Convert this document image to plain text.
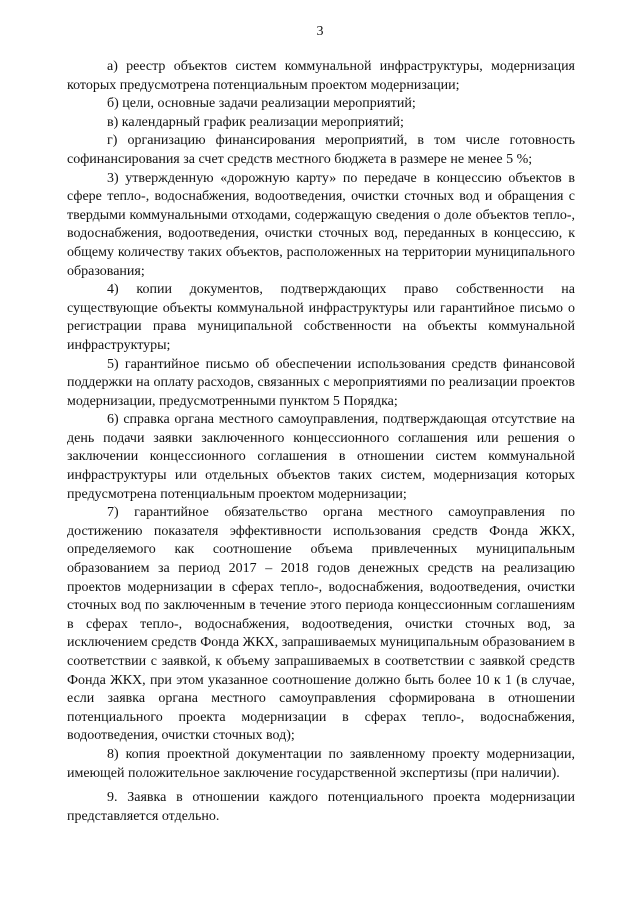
3

а) реестр объектов систем коммунальной инфраструктуры, модернизация которых предусмотрена потенциальным проектом модернизации;

б) цели, основные задачи реализации мероприятий;

в) календарный график реализации мероприятий;

г) организацию финансирования мероприятий, в том числе готовность софинансирования за счет средств местного бюджета в размере не менее 5 %;

3) утвержденную «дорожную карту» по передаче в концессию объектов в сфере тепло-, водоснабжения, водоотведения, очистки сточных вод и обращения с твердыми коммунальными отходами, содержащую сведения о доле объектов тепло-, водоснабжения, водоотведения, очистки сточных вод, переданных в концессию, к общему количеству таких объектов, расположенных на территории муниципального образования;

4) копии документов, подтверждающих право собственности на существующие объекты коммунальной инфраструктуры или гарантийное письмо о регистрации права муниципальной собственности на объекты коммунальной инфраструктуры;

5) гарантийное письмо об обеспечении использования средств финансовой поддержки на оплату расходов, связанных с мероприятиями по реализации проектов модернизации, предусмотренными пунктом 5 Порядка;

6) справка органа местного самоуправления, подтверждающая отсутствие на день подачи заявки заключенного концессионного соглашения или решения о заключении концессионного соглашения в отношении систем коммунальной инфраструктуры или отдельных объектов таких систем, модернизация которых предусмотрена потенциальным проектом модернизации;

7) гарантийное обязательство органа местного самоуправления по достижению показателя эффективности использования средств Фонда ЖКХ, определяемого как соотношение объема привлеченных муниципальным образованием за период 2017 – 2018 годов денежных средств на реализацию проектов модернизации в сферах тепло-, водоснабжения, водоотведения, очистки сточных вод по заключенным в течение этого периода концессионным соглашениям в сферах тепло-, водоснабжения, водоотведения, очистки сточных вод, за исключением средств Фонда ЖКХ, запрашиваемых муниципальным образованием в соответствии с заявкой, к объему запрашиваемых в соответствии с заявкой средств Фонда ЖКХ, при этом указанное соотношение должно быть более 10 к 1 (в случае, если заявка органа местного самоуправления сформирована в отношении потенциального проекта модернизации в сферах тепло-, водоснабжения, водоотведения, очистки сточных вод);

8) копия проектной документации по заявленному проекту модернизации, имеющей положительное заключение государственной экспертизы (при наличии).

9. Заявка в отношении каждого потенциального проекта модернизации представляется отдельно.
